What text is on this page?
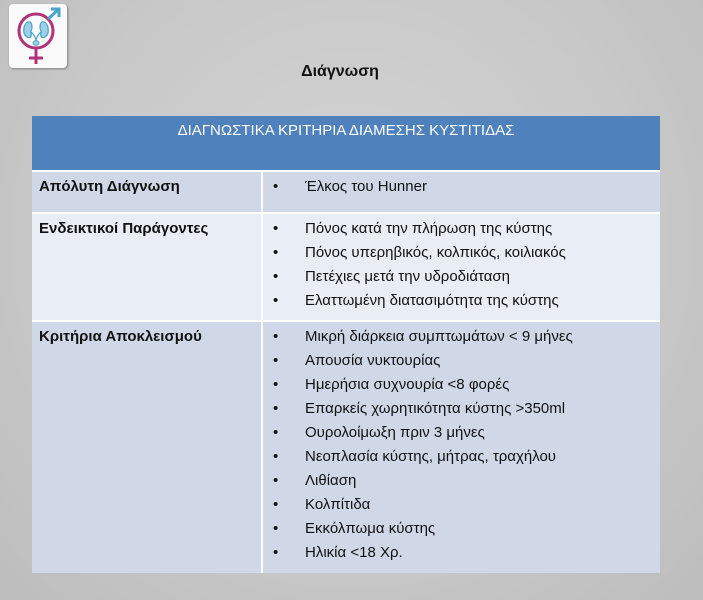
Διάγνωση
ΔΙΑΓΝΩΣΤΙΚΑ ΚΡΙΤΗΡΙΑ ΔΙΑΜΕΣΗΣ ΚΥΣΤΙΤΙΔΑΣ
Απόλυτη Διάγνωση	• Έλκος του Hunner
Ενδεικτικοί Παράγοντες	• Πόνος κατά την πλήρωση της κύστης
• Πόνος υπερηβικός, κολπικός, κοιλιακός
• Πετέχιες μετά την υδροδιάταση
• Ελαττωμένη διατασιμότητα της κύστης
Κριτήρια Αποκλεισμού	• Μικρή διάρκεια συμπτωμάτων < 9 μήνες
• Απουσία νυκτουρίας
• Ημερήσια συχνουρία <8 φορές
• Επαρκείς χωρητικότητα κύστης >350ml
• Ουρολοίμωξη πριν 3 μήνες
• Νεοπλασία κύστης, μήτρας, τραχήλου
• Λιθίαση
• Κολπίτιδα
• Εκκόλπωμα κύστης
• Ηλικία <18 Χρ.
